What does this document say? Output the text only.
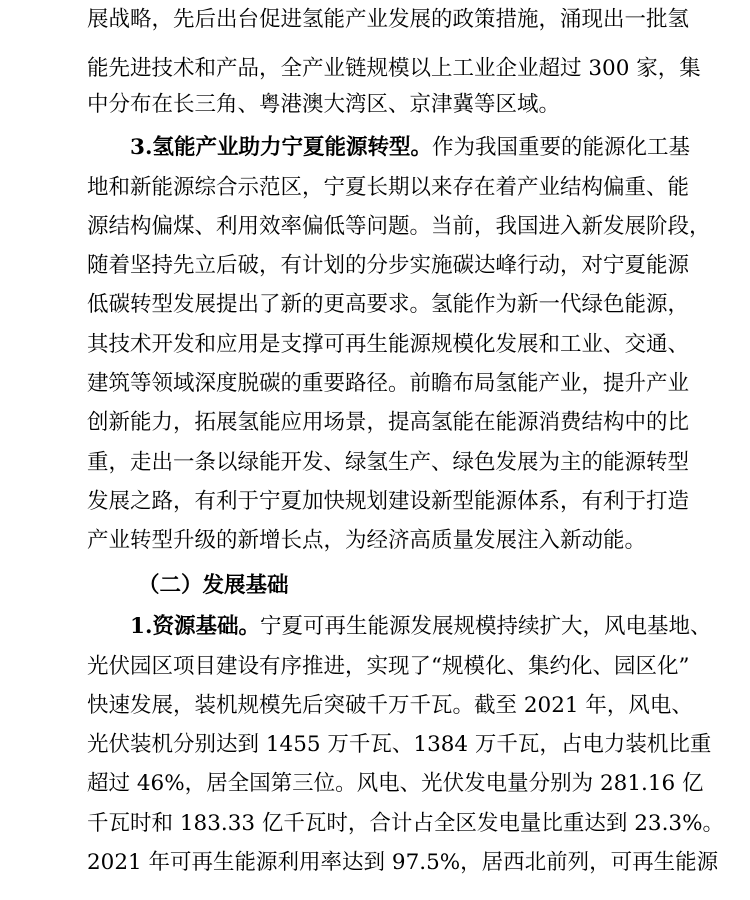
展战略，先后出台促进氢能产业发展的政策措施，涌现出一批氢
能先进技术和产品，全产业链规模以上工业企业超过 300 家，集
中分布在长三角、粤港澳大湾区、京津冀等区域。
3.氢能产业助力宁夏能源转型。作为我国重要的能源化工基
地和新能源综合示范区，宁夏长期以来存在着产业结构偏重、能
源结构偏煤、利用效率偏低等问题。当前，我国进入新发展阶段，
随着坚持先立后破，有计划的分步实施碳达峰行动，对宁夏能源
低碳转型发展提出了新的更高要求。氢能作为新一代绿色能源，
其技术开发和应用是支撑可再生能源规模化发展和工业、交通、
建筑等领域深度脱碳的重要路径。前瞻布局氢能产业，提升产业
创新能力，拓展氢能应用场景，提高氢能在能源消费结构中的比
重，走出一条以绿能开发、绿氢生产、绿色发展为主的能源转型
发展之路，有利于宁夏加快规划建设新型能源体系，有利于打造
产业转型升级的新增长点，为经济高质量发展注入新动能。
（二）发展基础
1.资源基础。宁夏可再生能源发展规模持续扩大，风电基地、
光伏园区项目建设有序推进，实现了“规模化、集约化、园区化”
快速发展，装机规模先后突破千万千瓦。截至 2021 年，风电、
光伏装机分别达到 1455 万千瓦、1384 万千瓦，占电力装机比重
超过 46%，居全国第三位。风电、光伏发电量分别为 281.16 亿
千瓦时和 183.33 亿千瓦时，合计占全区发电量比重达到 23.3%。
2021 年可再生能源利用率达到 97.5%，居西北前列，可再生能源
